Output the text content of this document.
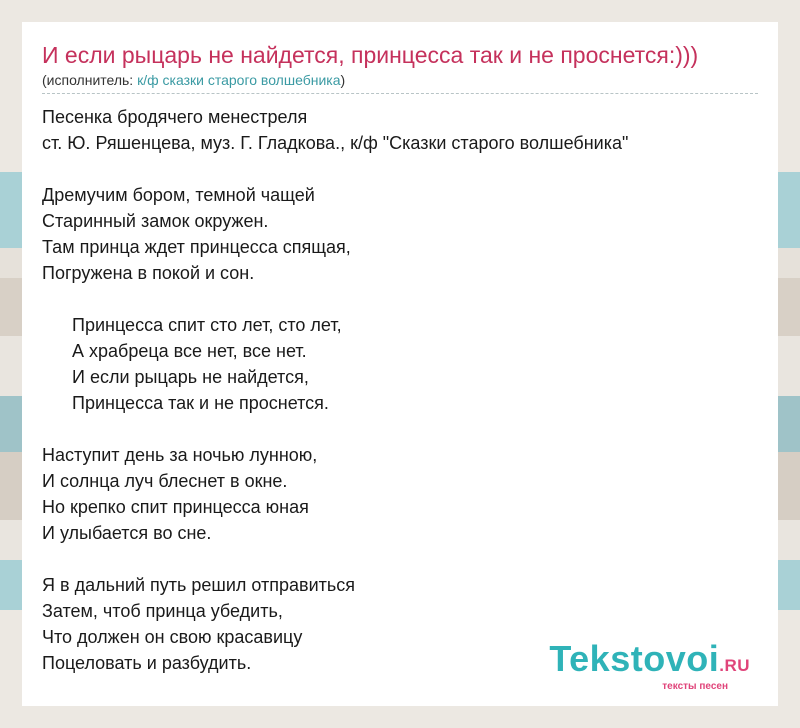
И если рыцарь не найдется, принцесса так и не проснется:)))
(исполнитель: к/ф сказки старого волшебника)
Песенка бродячего менестреля
ст. Ю. Ряшенцева, муз. Г. Гладкова., к/ф "Сказки старого волшебника"
Дремучим бором, темной чащей
Старинный замок окружен.
Там принца ждет принцесса спящая,
Погружена в покой и сон.
Принцесса спит сто лет, сто лет,
А храбреца все нет, все нет.
И если рыцарь не найдется,
Принцесса так и не проснется.
Наступит день за ночью лунною,
И солнца луч блеснет в окне.
Но крепко спит принцесса юная
И улыбается во сне.
Я в дальний путь решил отправиться
Затем, чтоб принца убедить,
Что должен он свою красавицу
Поцеловать и разбудить.	Tekstovoi.RU
тексты песен
